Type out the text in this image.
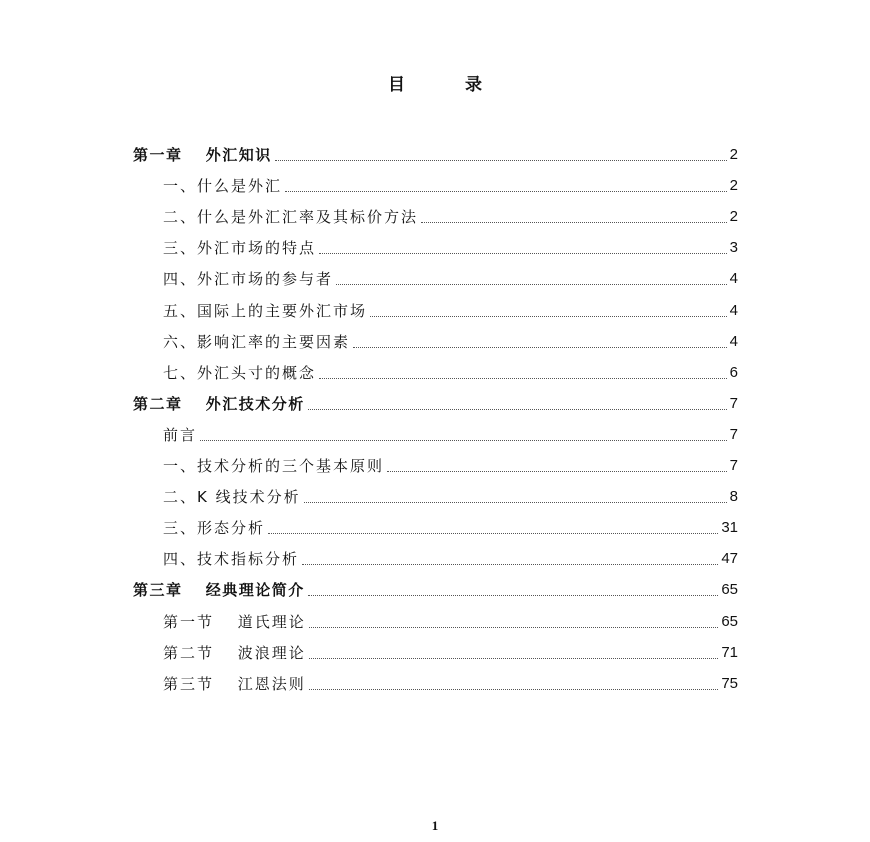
目	录
第一章　 外汇知识	2
一、什么是外汇	2
二、什么是外汇汇率及其标价方法	2
三、外汇市场的特点	3
四、外汇市场的参与者	4
五、国际上的主要外汇市场	4
六、影响汇率的主要因素	4
七、外汇头寸的概念	6
第二章　 外汇技术分析	7
前言	7
一、技术分析的三个基本原则	7
二、K 线技术分析	8
三、形态分析	31
四、技术指标分析	47
第三章　 经典理论简介	65
第一节　 道氏理论	65
第二节　 波浪理论	71
第三节　 江恩法则	75
1
